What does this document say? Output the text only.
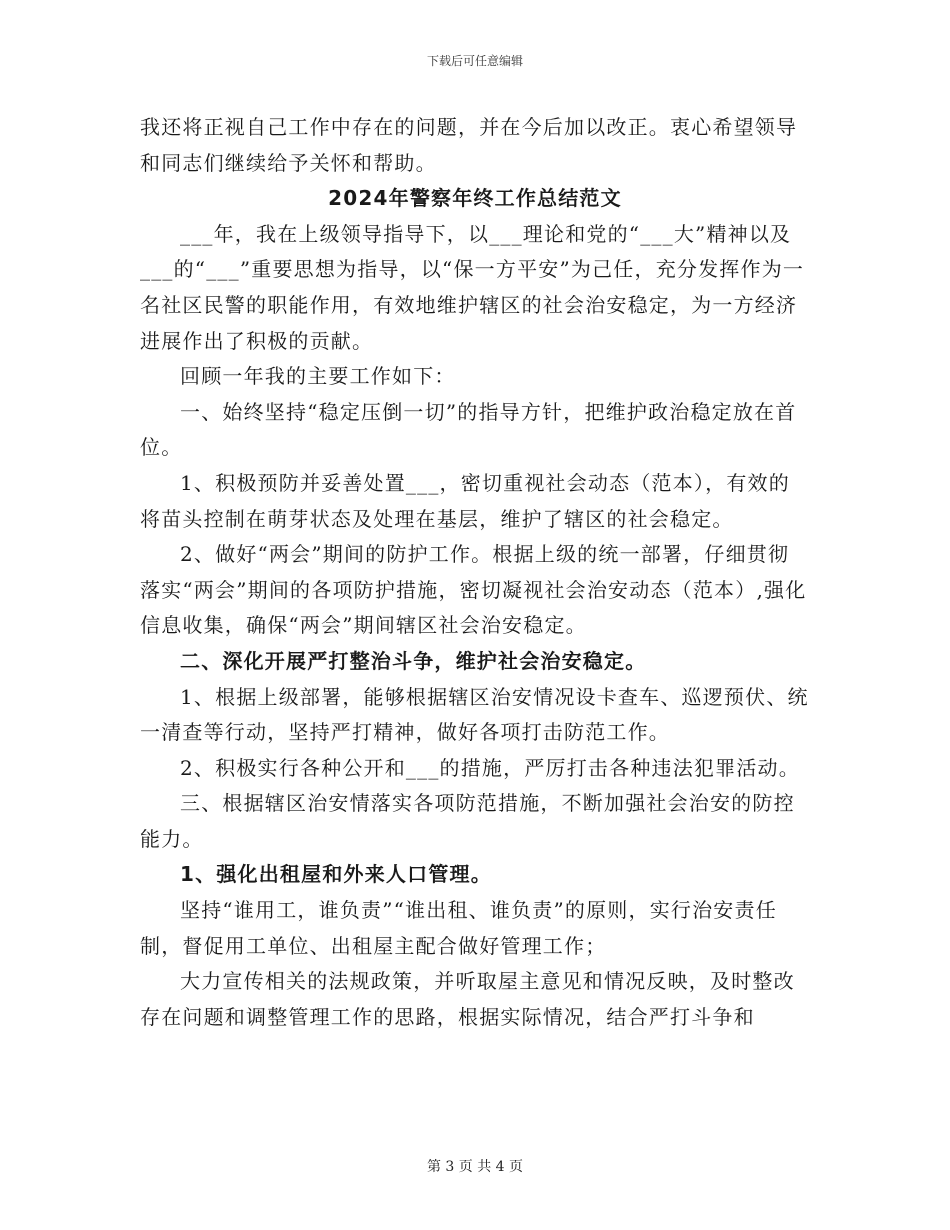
下载后可任意编辑

我还将正视自己工作中存在的问题，并在今后加以改正。衷心希望领导和同志们继续给予关怀和帮助。

2024年警察年终工作总结范文

___年，我在上级领导指导下，以___理论和党的“___大”精神以及___的“___”重要思想为指导，以“保一方平安”为己任，充分发挥作为一名社区民警的职能作用，有效地维护辖区的社会治安稳定，为一方经济进展作出了积极的贡献。

回顾一年我的主要工作如下：

一、始终坚持“稳定压倒一切”的指导方针，把维护政治稳定放在首位。

1、积极预防并妥善处置___，密切重视社会动态（范本），有效的将苗头控制在萌芽状态及处理在基层，维护了辖区的社会稳定。

2、做好“两会”期间的防护工作。根据上级的统一部署，仔细贯彻落实“两会”期间的各项防护措施，密切凝视社会治安动态（范本）,强化信息收集，确保“两会”期间辖区社会治安稳定。

二、深化开展严打整治斗争，维护社会治安稳定。

1、根据上级部署，能够根据辖区治安情况设卡查车、巡逻预伏、统一清查等行动，坚持严打精神，做好各项打击防范工作。

2、积极实行各种公开和___的措施，严厉打击各种违法犯罪活动。

三、根据辖区治安情落实各项防范措施，不断加强社会治安的防控能力。

1、强化出租屋和外来人口管理。

坚持“谁用工，谁负责”“谁出租、谁负责”的原则，实行治安责任制，督促用工单位、出租屋主配合做好管理工作；

大力宣传相关的法规政策，并听取屋主意见和情况反映，及时整改存在问题和调整管理工作的思路，根据实际情况，结合严打斗争和

第 3 页 共 4 页
